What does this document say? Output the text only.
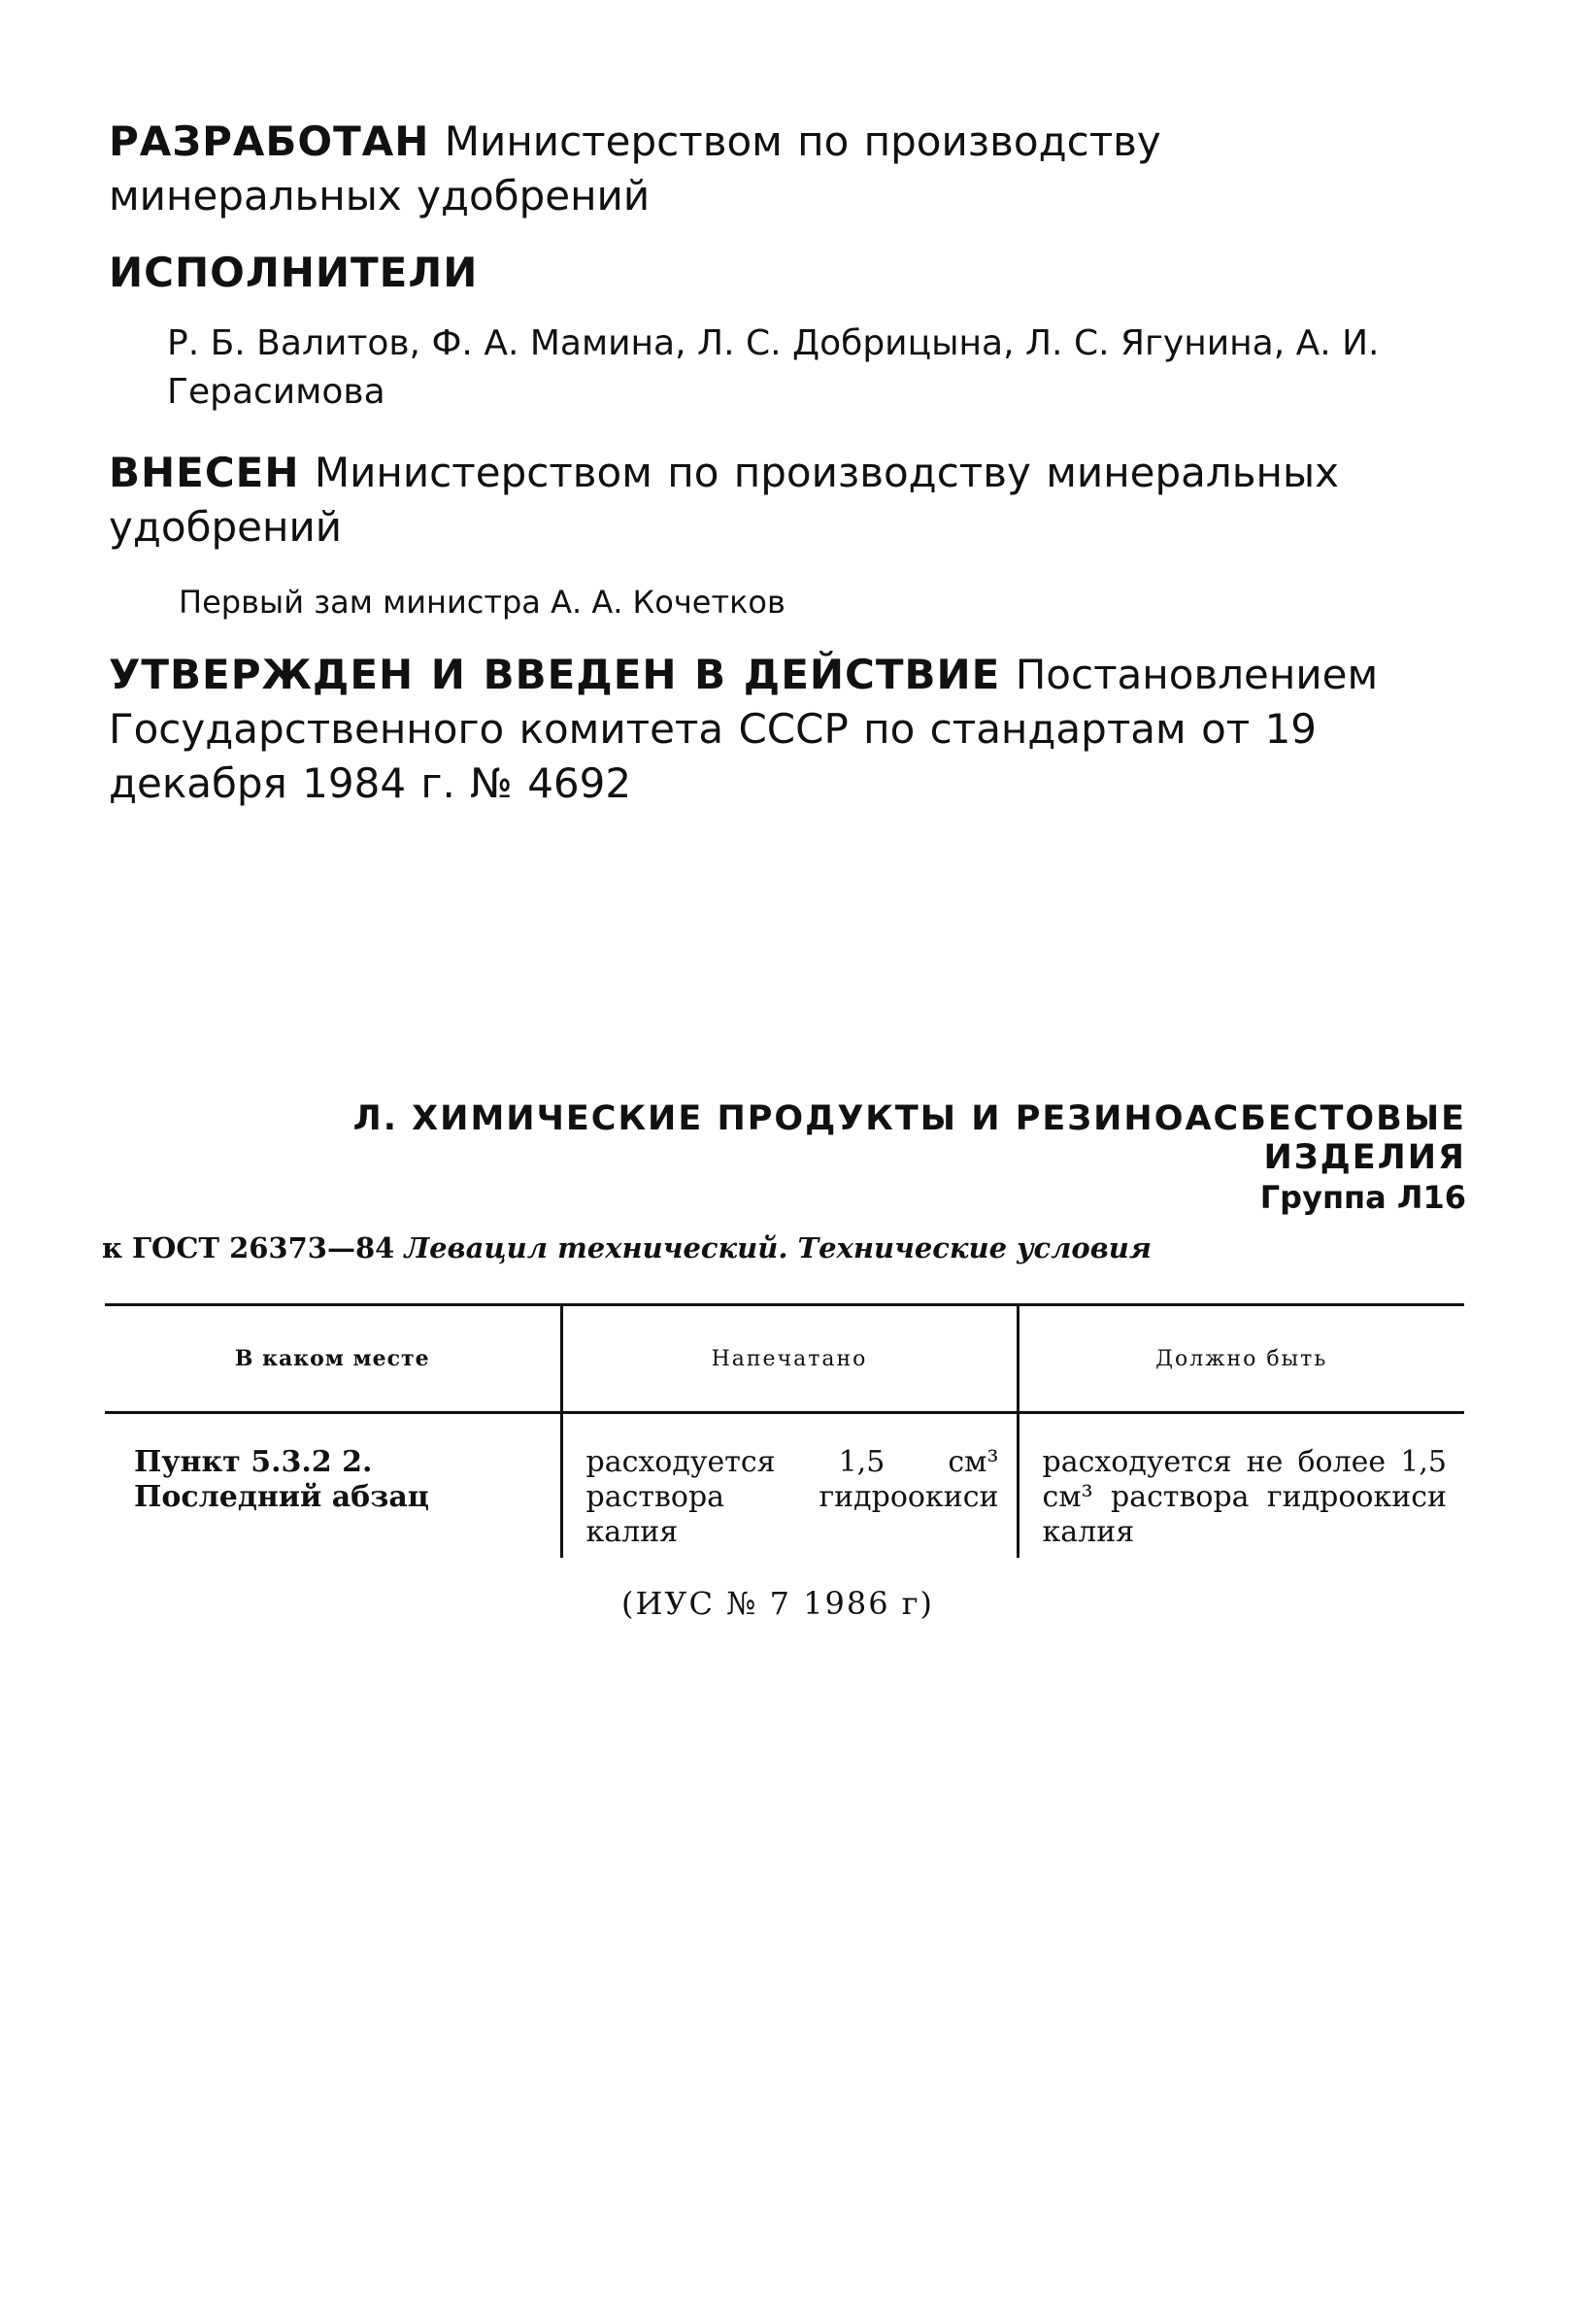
РАЗРАБОТАН Министерством по производству минеральных удобрений

ИСПОЛНИТЕЛИ

Р. Б. Валитов, Ф. А. Мамина, Л. С. Добрицына, Л. С. Ягунина, А. И. Герасимова

ВНЕСЕН Министерством по производству минеральных удобрений

Первый зам министра А. А. Кочетков

УТВЕРЖДЕН И ВВЕДЕН В ДЕЙСТВИЕ Постановлением Государственного комитета СССР по стандартам от 19 декабря 1984 г. № 4692

Л. ХИМИЧЕСКИЕ ПРОДУКТЫ И РЕЗИНОАСБЕСТОВЫЕ ИЗДЕЛИЯ
Группа Л16
к ГОСТ 26373—84 Левацил технический. Технические условия
В каком месте	Напечатано	Должно быть
Пункт 5.3.2 2. Последний абзац	расходуется 1,5 см³ раствора гидроокиси калия	расходуется не более 1,5 см³ раствора гидроокиси калия
(ИУС № 7 1986 г)
